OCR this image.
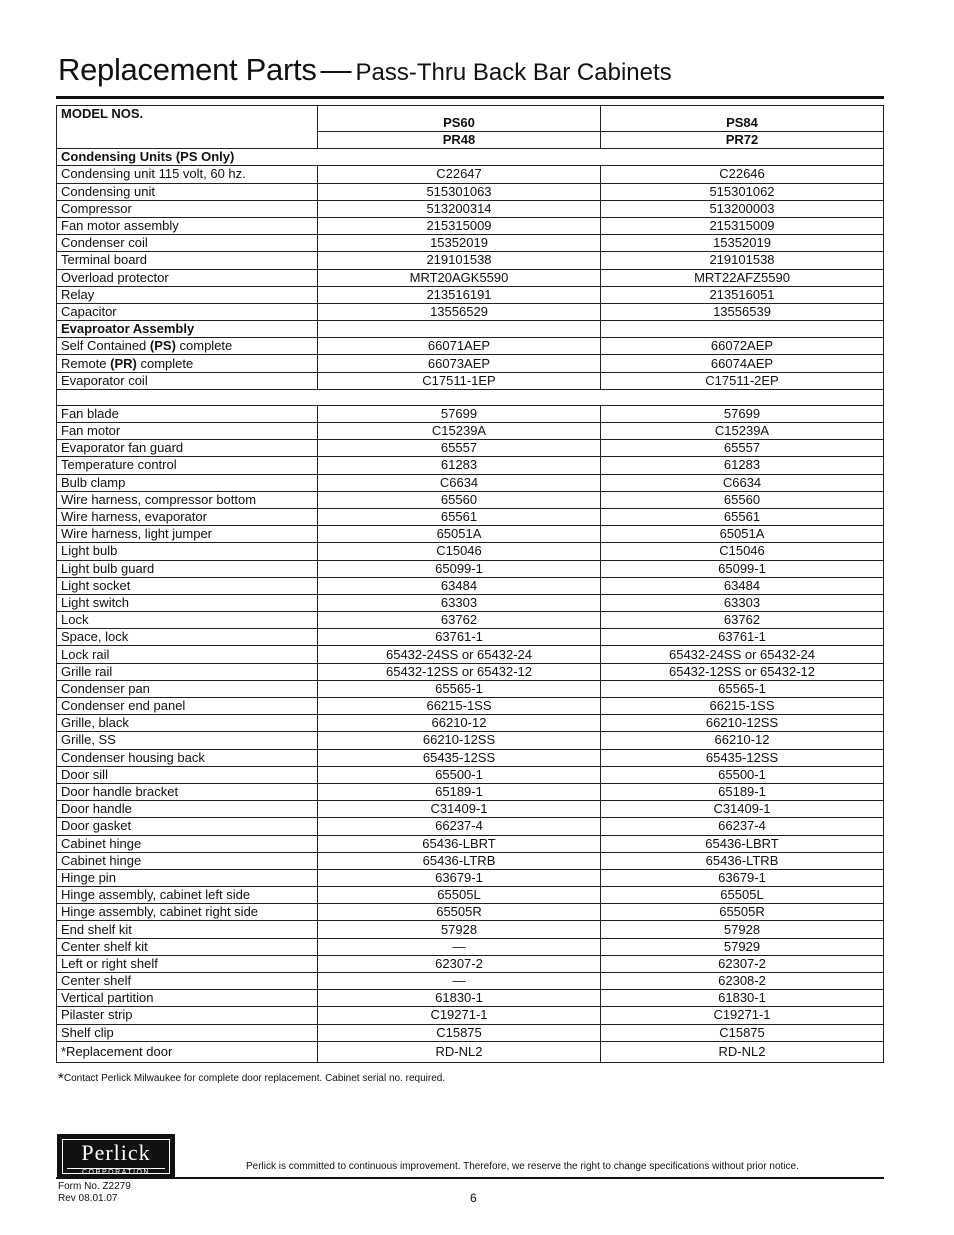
Replacement Parts — Pass-Thru Back Bar Cabinets
MODEL NOS.	PS60	PS84
	PR48	PR72
Condensing Units (PS Only)		
Condensing unit 115 volt, 60 hz.	C22647	C22646
Condensing unit	515301063	515301062
Compressor	513200314	513200003
Fan motor assembly	215315009	215315009
Condenser coil	15352019	15352019
Terminal board	219101538	219101538
Overload protector	MRT20AGK5590	MRT22AFZ5590
Relay	213516191	213516051
Capacitor	13556529	13556539
Evaproator Assembly		
Self Contained (PS) complete	66071AEP	66072AEP
Remote (PR) complete	66073AEP	66074AEP
Evaporator coil	C17511-1EP	C17511-2EP

Fan blade	57699	57699
Fan motor	C15239A	C15239A
Evaporator fan guard	65557	65557
Temperature control	61283	61283
Bulb clamp	C6634	C6634
Wire harness, compressor bottom	65560	65560
Wire harness, evaporator	65561	65561
Wire harness, light jumper	65051A	65051A
Light bulb	C15046	C15046
Light bulb guard	65099-1	65099-1
Light socket	63484	63484
Light switch	63303	63303
Lock	63762	63762
Space, lock	63761-1	63761-1
Lock rail	65432-24SS or 65432-24	65432-24SS or 65432-24
Grille rail	65432-12SS or 65432-12	65432-12SS or 65432-12
Condenser pan	65565-1	65565-1
Condenser end panel	66215-1SS	66215-1SS
Grille, black	66210-12	66210-12SS
Grille, SS	66210-12SS	66210-12
Condenser housing back	65435-12SS	65435-12SS
Door sill	65500-1	65500-1
Door handle bracket	65189-1	65189-1
Door handle	C31409-1	C31409-1
Door gasket	66237-4	66237-4
Cabinet hinge	65436-LBRT	65436-LBRT
Cabinet hinge	65436-LTRB	65436-LTRB
Hinge pin	63679-1	63679-1
Hinge assembly, cabinet left side	65505L	65505L
Hinge assembly, cabinet right side	65505R	65505R
End shelf kit	57928	57928
Center shelf kit	—	57929
Left or right shelf	62307-2	62307-2
Center shelf	—	62308-2
Vertical partition	61830-1	61830-1
Pilaster strip	C19271-1	C19271-1
Shelf clip	C15875	C15875
*Replacement door	RD-NL2	RD-NL2
*Contact Perlick Milwaukee for complete door replacement. Cabinet serial no. required.
Perlick
CORPORATION
Perlick is committed to continuous improvement. Therefore, we reserve the right to change specifications without prior notice.
Form No. Z2279
Rev 08.01.07	6
